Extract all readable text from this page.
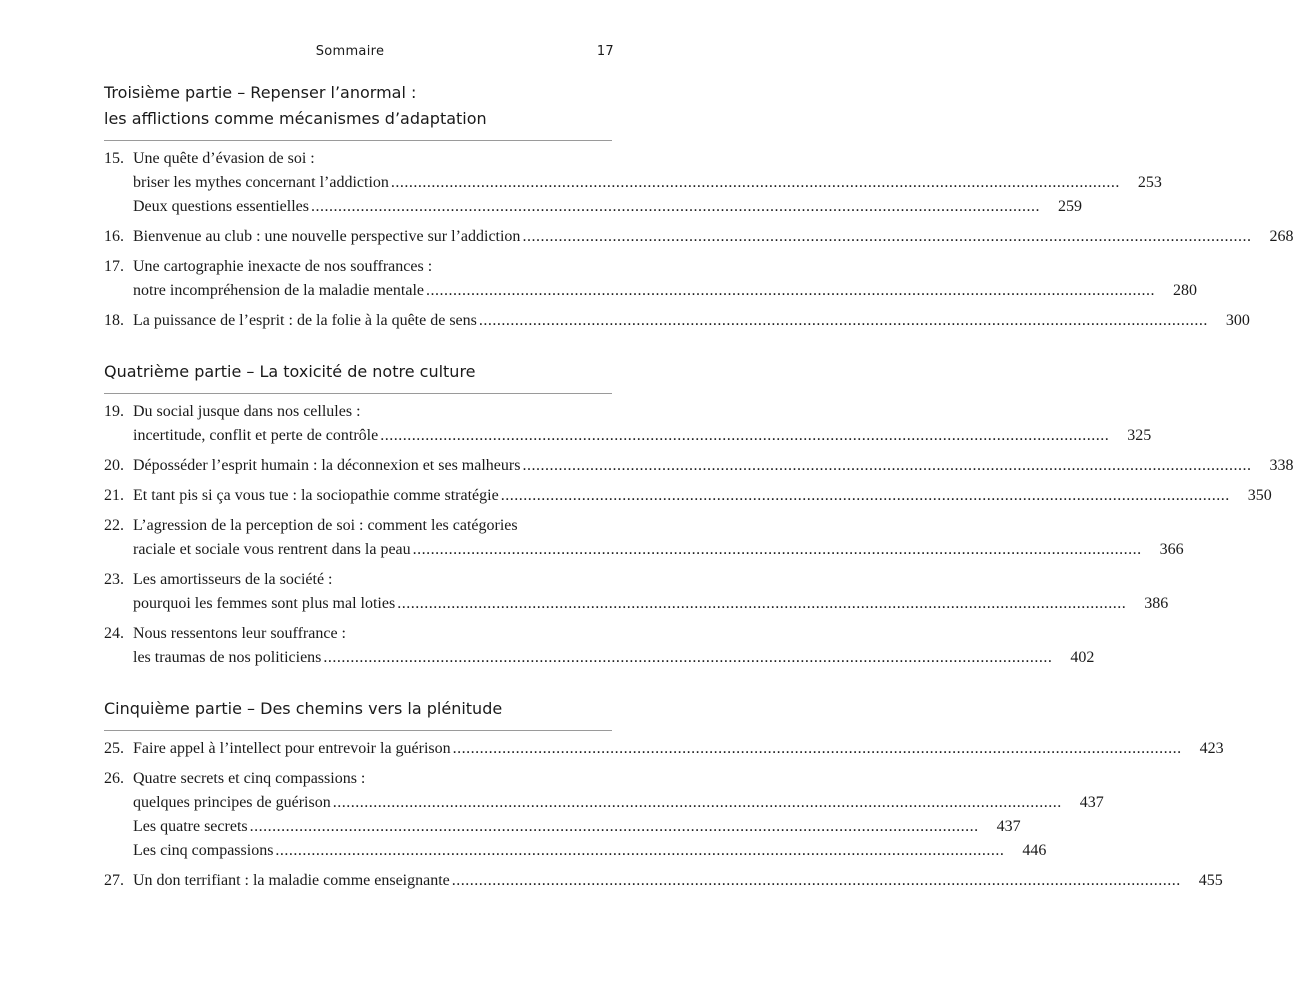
Sommaire	17
Troisième partie – Repenser l’anormal :
les afflictions comme mécanismes d’adaptation
15. Une quête d’évasion de soi :
briser les mythes concernant l’addiction .....	253
Deux questions essentielles .....	259
16. Bienvenue au club : une nouvelle perspective sur l’addiction .....	268
17. Une cartographie inexacte de nos souffrances :
notre incompréhension de la maladie mentale .....	280
18. La puissance de l’esprit : de la folie à la quête de sens .....	300
Quatrième partie – La toxicité de notre culture
19. Du social jusque dans nos cellules :
incertitude, conflit et perte de contrôle .....	325
20. Déposséder l’esprit humain : la déconnexion et ses malheurs .....	338
21. Et tant pis si ça vous tue : la sociopathie comme stratégie .....	350
22. L’agression de la perception de soi : comment les catégories
raciale et sociale vous rentrent dans la peau .....	366
23. Les amortisseurs de la société :
pourquoi les femmes sont plus mal loties .....	386
24. Nous ressentons leur souffrance :
les traumas de nos politiciens .....	402
Cinquième partie – Des chemins vers la plénitude
25. Faire appel à l’intellect pour entrevoir la guérison .....	423
26. Quatre secrets et cinq compassions :
quelques principes de guérison .....	437
Les quatre secrets .....	437
Les cinq compassions .....	446
27. Un don terrifiant : la maladie comme enseignante .....	455
